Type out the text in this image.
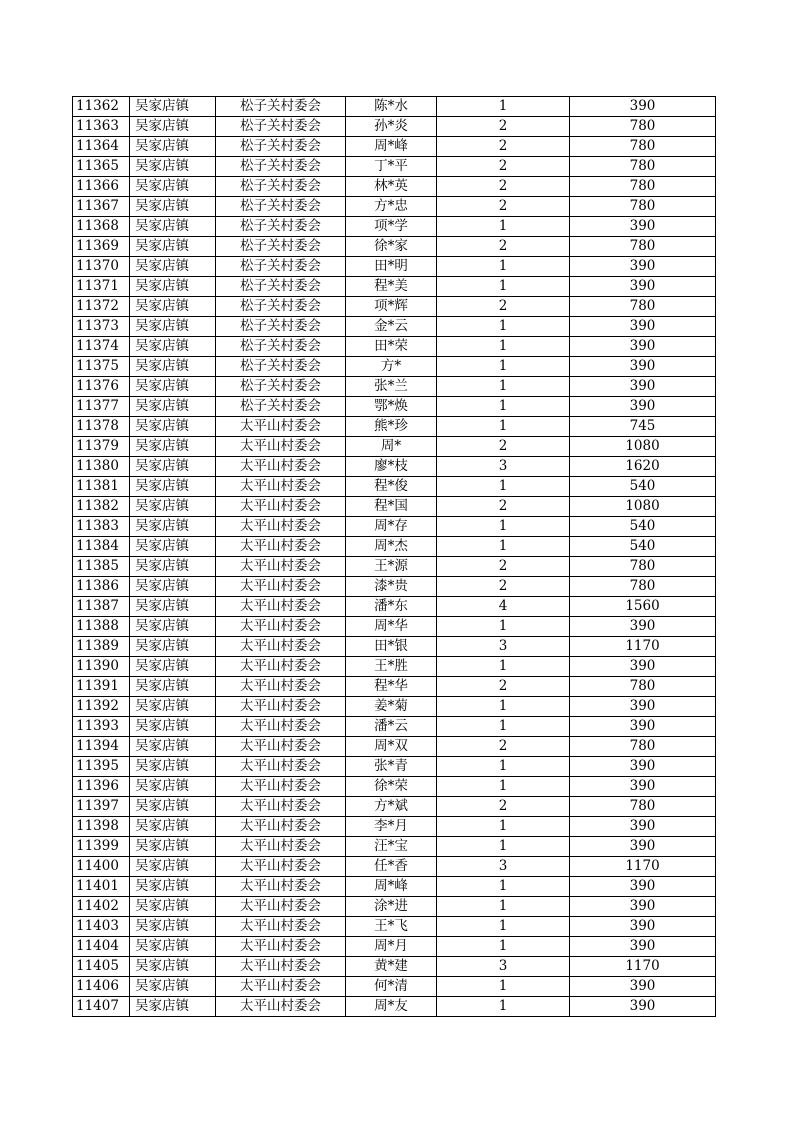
11362	吴家店镇	松子关村委会	陈*水	1	390
11363	吴家店镇	松子关村委会	孙*炎	2	780
11364	吴家店镇	松子关村委会	周*峰	2	780
11365	吴家店镇	松子关村委会	丁*平	2	780
11366	吴家店镇	松子关村委会	林*英	2	780
11367	吴家店镇	松子关村委会	方*忠	2	780
11368	吴家店镇	松子关村委会	项*学	1	390
11369	吴家店镇	松子关村委会	徐*家	2	780
11370	吴家店镇	松子关村委会	田*明	1	390
11371	吴家店镇	松子关村委会	程*美	1	390
11372	吴家店镇	松子关村委会	项*辉	2	780
11373	吴家店镇	松子关村委会	金*云	1	390
11374	吴家店镇	松子关村委会	田*荣	1	390
11375	吴家店镇	松子关村委会	方*	1	390
11376	吴家店镇	松子关村委会	张*兰	1	390
11377	吴家店镇	松子关村委会	鄂*焕	1	390
11378	吴家店镇	太平山村委会	熊*珍	1	745
11379	吴家店镇	太平山村委会	周*	2	1080
11380	吴家店镇	太平山村委会	廖*枝	3	1620
11381	吴家店镇	太平山村委会	程*俊	1	540
11382	吴家店镇	太平山村委会	程*国	2	1080
11383	吴家店镇	太平山村委会	周*存	1	540
11384	吴家店镇	太平山村委会	周*杰	1	540
11385	吴家店镇	太平山村委会	王*源	2	780
11386	吴家店镇	太平山村委会	漆*贵	2	780
11387	吴家店镇	太平山村委会	潘*东	4	1560
11388	吴家店镇	太平山村委会	周*华	1	390
11389	吴家店镇	太平山村委会	田*银	3	1170
11390	吴家店镇	太平山村委会	王*胜	1	390
11391	吴家店镇	太平山村委会	程*华	2	780
11392	吴家店镇	太平山村委会	姜*菊	1	390
11393	吴家店镇	太平山村委会	潘*云	1	390
11394	吴家店镇	太平山村委会	周*双	2	780
11395	吴家店镇	太平山村委会	张*青	1	390
11396	吴家店镇	太平山村委会	徐*荣	1	390
11397	吴家店镇	太平山村委会	方*斌	2	780
11398	吴家店镇	太平山村委会	李*月	1	390
11399	吴家店镇	太平山村委会	汪*宝	1	390
11400	吴家店镇	太平山村委会	任*香	3	1170
11401	吴家店镇	太平山村委会	周*峰	1	390
11402	吴家店镇	太平山村委会	涂*进	1	390
11403	吴家店镇	太平山村委会	王*飞	1	390
11404	吴家店镇	太平山村委会	周*月	1	390
11405	吴家店镇	太平山村委会	黄*建	3	1170
11406	吴家店镇	太平山村委会	何*清	1	390
11407	吴家店镇	太平山村委会	周*友	1	390
